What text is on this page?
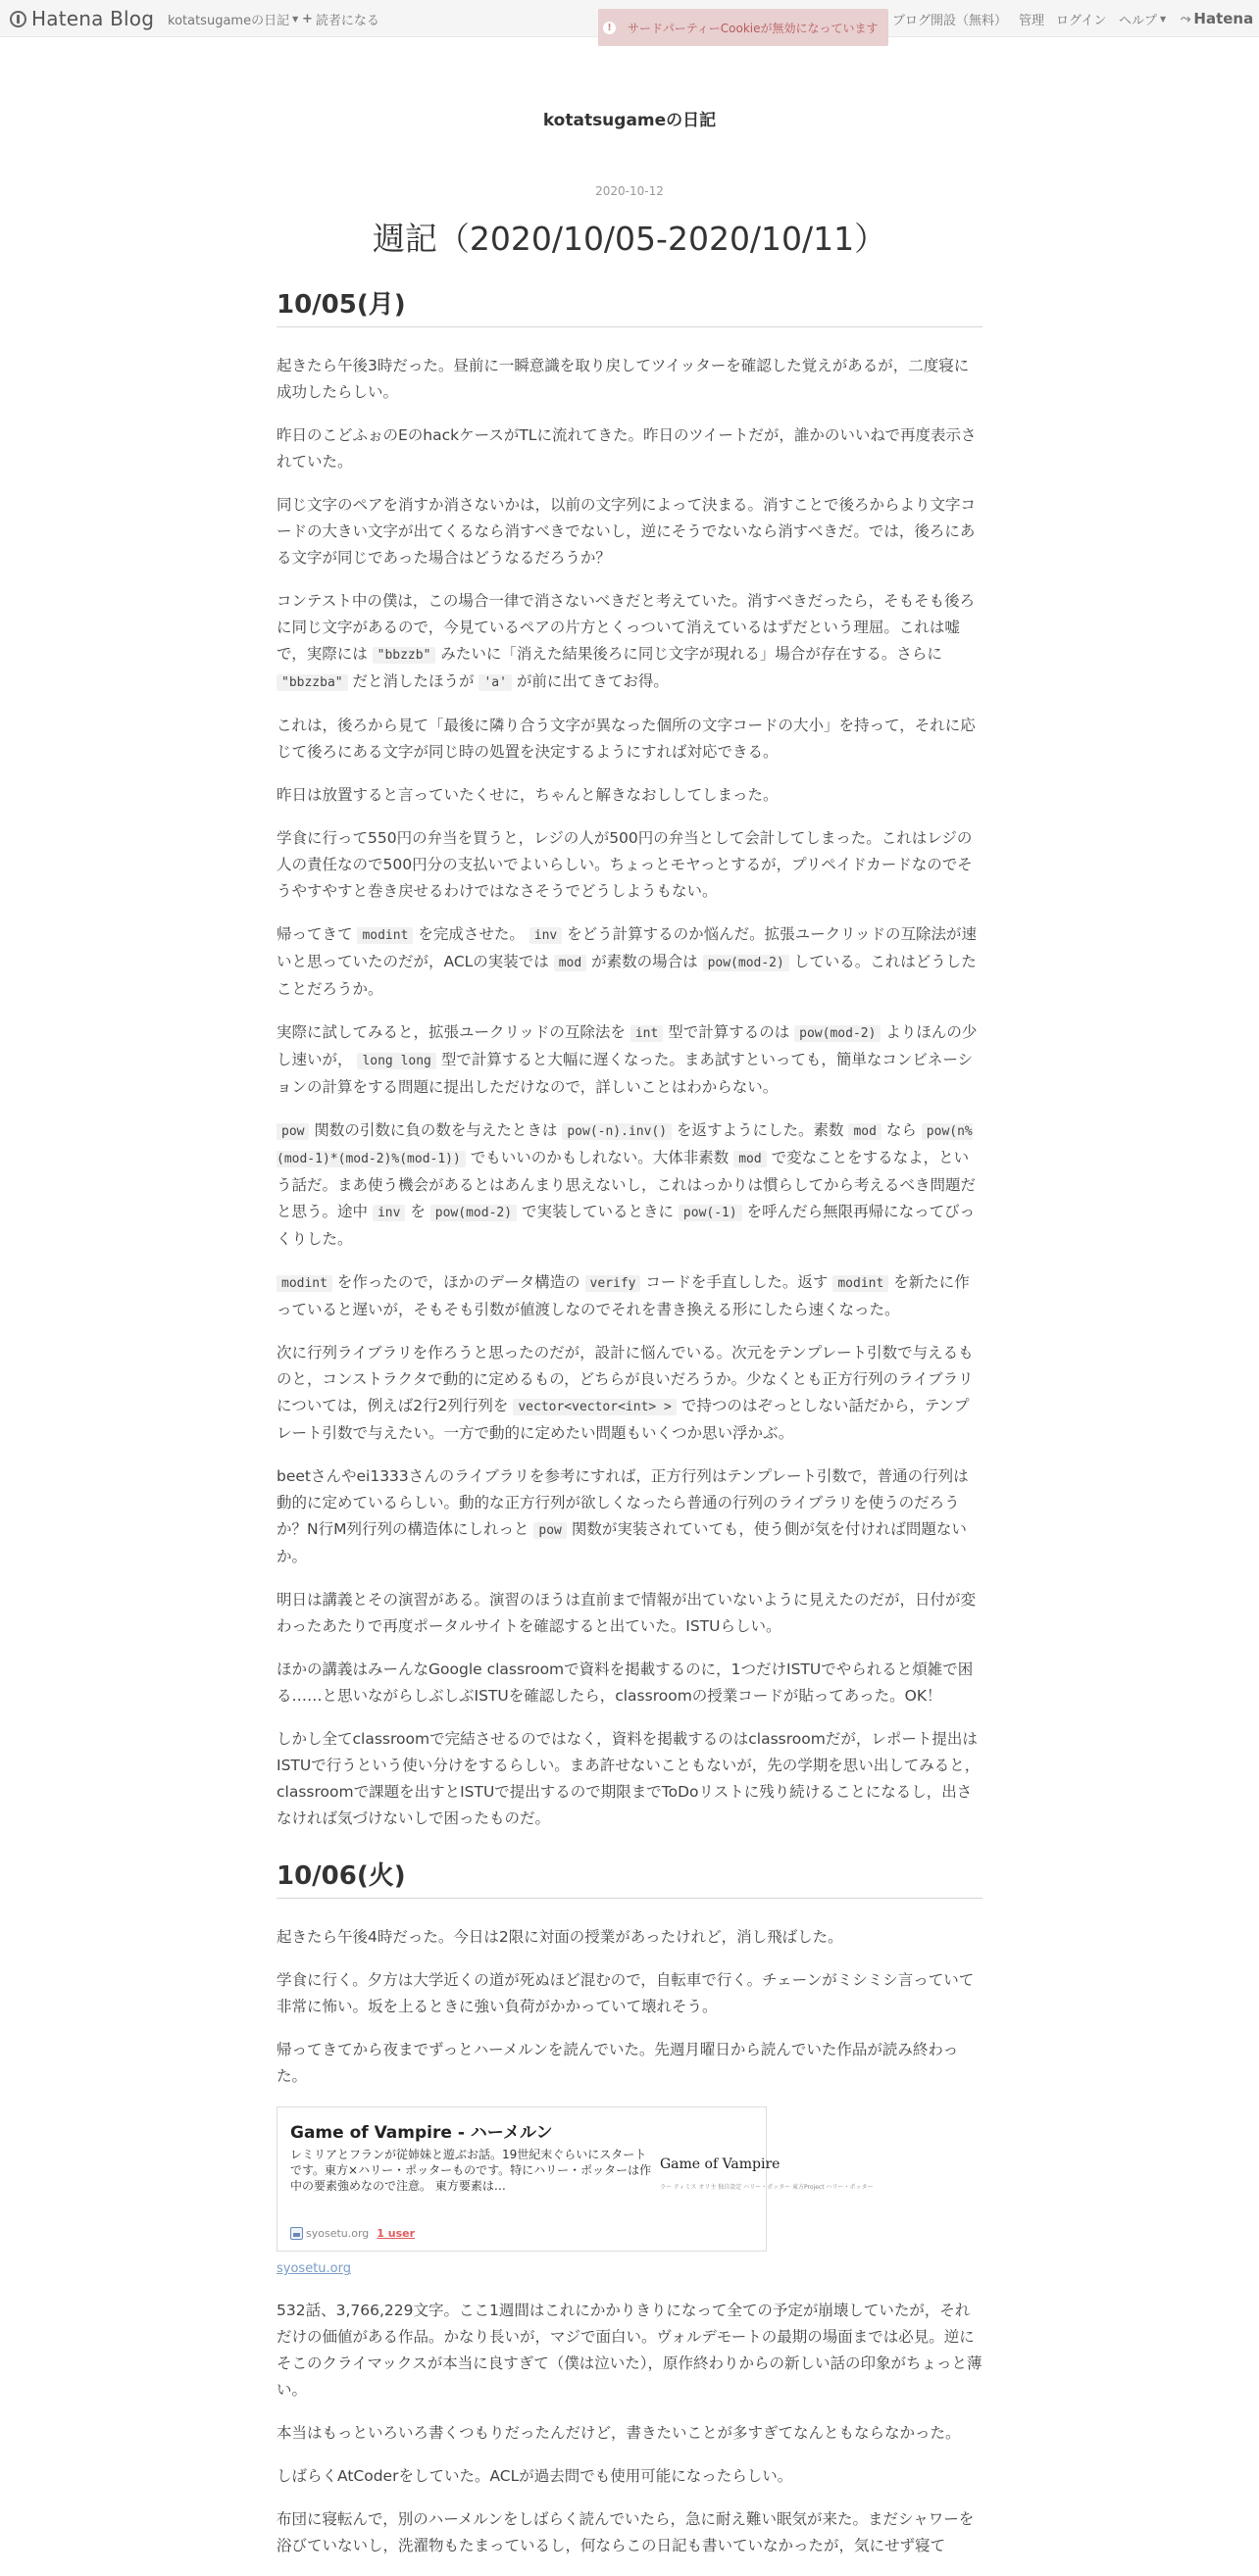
Hatena Blog kotatsugameの日記 ▼ + 読者になる	!	サードパーティーCookieが無効になっています ブログ開設（無料） 管理 ログイン ヘルプ ▼ ⤳ Hatena
kotatsugameの日記
2020-10-12
週記（2020/10/05-2020/10/11）
10/05(月)

起きたら午後3時だった。昼前に一瞬意識を取り戻してツイッターを確認した覚えがあるが，二度寝に成功したらしい。

昨日のこどふぉのEのhackケースがTLに流れてきた。昨日のツイートだが，誰かのいいねで再度表示されていた。

同じ文字のペアを消すか消さないかは，以前の文字列によって決まる。消すことで後ろからより文字コードの大きい文字が出てくるなら消すべきでないし，逆にそうでないなら消すべきだ。では，後ろにある文字が同じであった場合はどうなるだろうか？

コンテスト中の僕は，この場合一律で消さないべきだと考えていた。消すべきだったら，そもそも後ろに同じ文字があるので，今見ているペアの片方とくっついて消えているはずだという理屈。これは嘘で，実際には "bbzzb" みたいに「消えた結果後ろに同じ文字が現れる」場合が存在する。さらに "bbzzba" だと消したほうが 'a' が前に出てきてお得。

これは，後ろから見て「最後に隣り合う文字が異なった個所の文字コードの大小」を持って，それに応じて後ろにある文字が同じ時の処置を決定するようにすれば対応できる。

昨日は放置すると言っていたくせに，ちゃんと解きなおししてしまった。

学食に行って550円の弁当を買うと，レジの人が500円の弁当として会計してしまった。これはレジの人の責任なので500円分の支払いでよいらしい。ちょっとモヤっとするが，プリペイドカードなのでそうやすやすと巻き戻せるわけではなさそうでどうしようもない。

帰ってきて modint を完成させた。 inv をどう計算するのか悩んだ。拡張ユークリッドの互除法が速いと思っていたのだが，ACLの実装では mod が素数の場合は pow(mod-2) している。これはどうしたことだろうか。

実際に試してみると，拡張ユークリッドの互除法を int 型で計算するのは pow(mod-2) よりほんの少し速いが， long long 型で計算すると大幅に遅くなった。まあ試すといっても，簡単なコンビネーションの計算をする問題に提出しただけなので，詳しいことはわからない。

pow 関数の引数に負の数を与えたときは pow(-n).inv() を返すようにした。素数 mod なら pow(n%(mod-1)*(mod-2)%(mod-1)) でもいいのかもしれない。大体非素数 mod で変なことをするなよ，という話だ。まあ使う機会があるとはあんまり思えないし，これはっかりは慣らしてから考えるべき問題だと思う。途中 inv を pow(mod-2) で実装しているときに pow(-1) を呼んだら無限再帰になってびっくりした。

modint を作ったので，ほかのデータ構造の verify コードを手直しした。返す modint を新たに作っていると遅いが，そもそも引数が値渡しなのでそれを書き換える形にしたら速くなった。

次に行列ライブラリを作ろうと思ったのだが，設計に悩んでいる。次元をテンプレート引数で与えるものと，コンストラクタで動的に定めるもの，どちらが良いだろうか。少なくとも正方行列のライブラリについては，例えば2行2列行列を vector<vector<int> > で持つのはぞっとしない話だから，テンプレート引数で与えたい。一方で動的に定めたい問題もいくつか思い浮かぶ。

beetさんやei1333さんのライブラリを参考にすれば，正方行列はテンプレート引数で，普通の行列は動的に定めているらしい。動的な正方行列が欲しくなったら普通の行列のライブラリを使うのだろうか？N行M列行列の構造体にしれっと pow 関数が実装されていても，使う側が気を付ければ問題ないか。

明日は講義とその演習がある。演習のほうは直前まで情報が出ていないように見えたのだが，日付が変わったあたりで再度ポータルサイトを確認すると出ていた。ISTUらしい。

ほかの講義はみーんなGoogle classroomで資料を掲載するのに，1つだけISTUでやられると煩雑で困る……と思いながらしぶしぶISTUを確認したら，classroomの授業コードが貼ってあった。OK！

しかし全てclassroomで完結させるのではなく，資料を掲載するのはclassroomだが，レポート提出はISTUで行うという使い分けをするらしい。まあ許せないこともないが，先の学期を思い出してみると，classroomで課題を出すとISTUで提出するので期限までToDoリストに残り続けることになるし，出さなければ気づけないしで困ったものだ。

10/06(火)

起きたら午後4時だった。今日は2限に対面の授業があったけれど，消し飛ばした。

学食に行く。夕方は大学近くの道が死ぬほど混むので，自転車で行く。チェーンがミシミシ言っていて非常に怖い。坂を上るときに強い負荷がかかっていて壊れそう。

帰ってきてから夜までずっとハーメルンを読んでいた。先週月曜日から読んでいた作品が読み終わった。

Game of Vampire - ハーメルン
レミリアとフランが従姉妹と遊ぶお話。19世紀末ぐらいにスタートです。東方×ハリー・ポッターものです。特にハリー・ポッターは作中の要素強めなので注意。 東方要素は…
Game of Vampire
ラー ティミス オリ主 独自設定 ハリー・ポッター 東方Project ハリー・ポッター
syosetu.org 1 user
syosetu.org

532話、3,766,229文字。ここ1週間はこれにかかりきりになって全ての予定が崩壊していたが，それだけの価値がある作品。かなり長いが，マジで面白い。ヴォルデモートの最期の場面までは必見。逆にそこのクライマックスが本当に良すぎて（僕は泣いた），原作終わりからの新しい話の印象がちょっと薄い。

本当はもっといろいろ書くつもりだったんだけど，書きたいことが多すぎてなんともならなかった。

しばらくAtCoderをしていた。ACLが過去問でも使用可能になったらしい。

布団に寝転んで，別のハーメルンをしばらく読んでいたら，急に耐え難い眠気が来た。まだシャワーを浴びていないし，洗濯物もたまっているし，何ならこの日記も書いていなかったが，気にせず寝て
